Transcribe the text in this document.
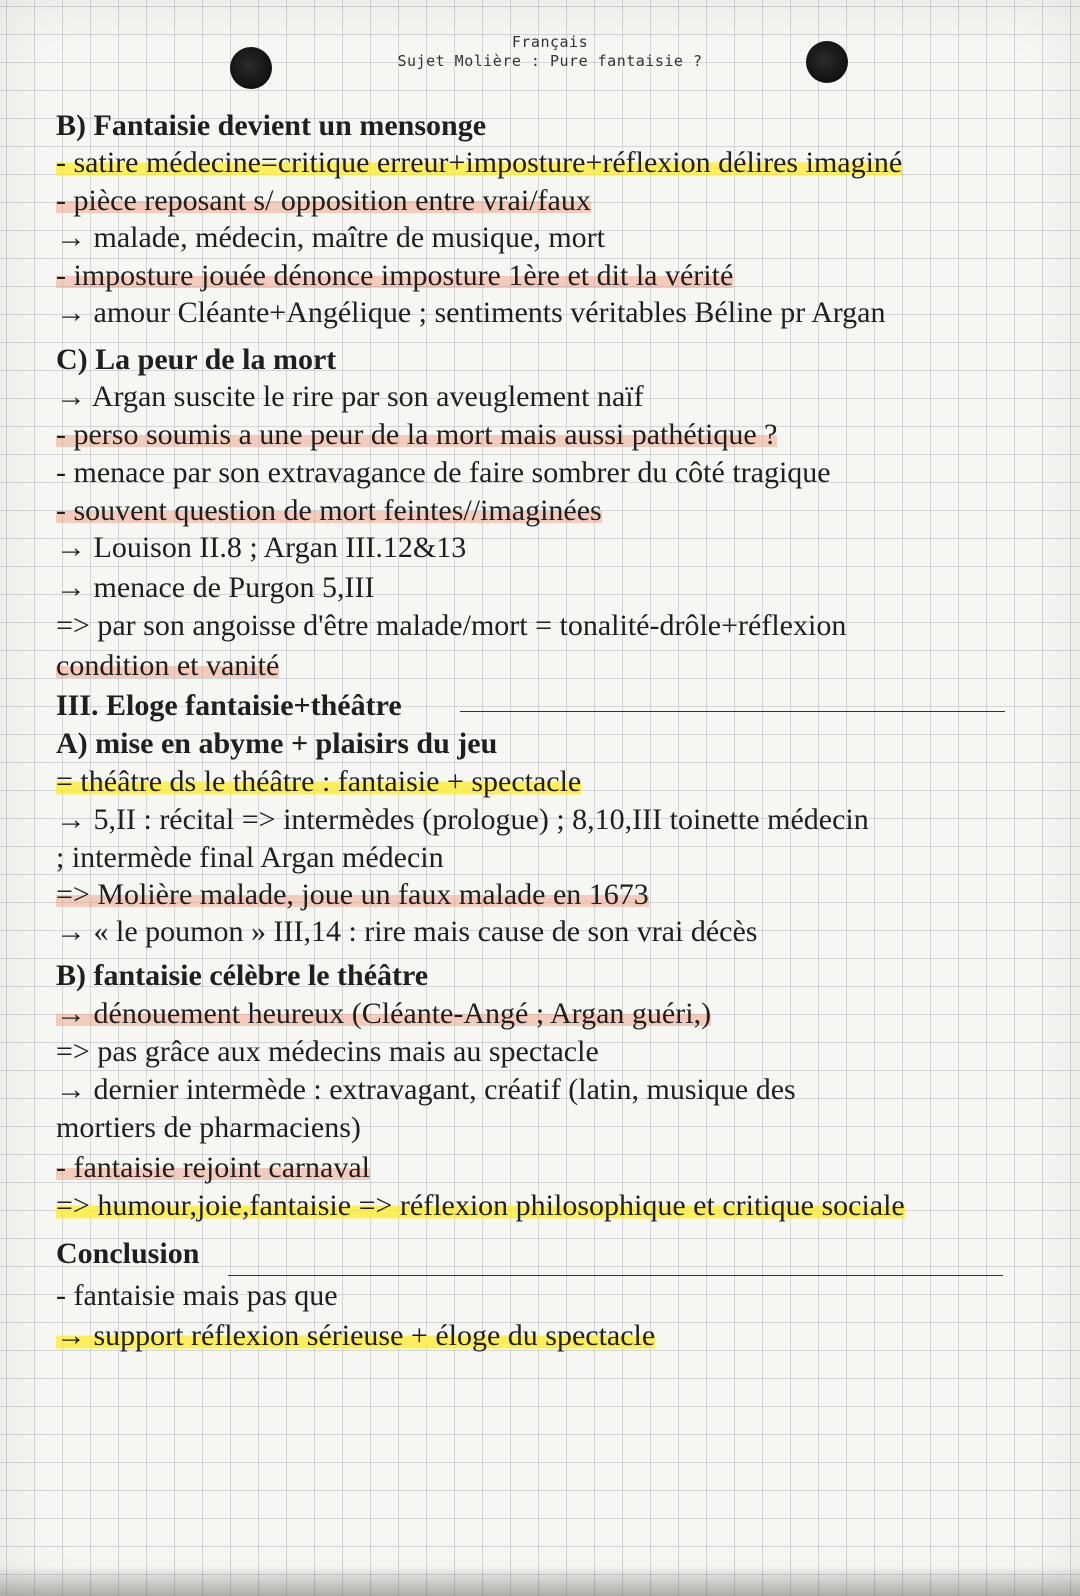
Français
Sujet Molière : Pure fantaisie ?
B) Fantaisie devient un mensonge
- satire médecine=critique erreur+imposture+réflexion délires imaginé
- pièce reposant s/ opposition entre vrai/faux
→ malade, médecin, maître de musique, mort
- imposture jouée dénonce imposture 1ère et dit la vérité
→ amour Cléante+Angélique ; sentiments véritables Béline pr Argan
C) La peur de la mort
→ Argan suscite le rire par son aveuglement naïf
- perso soumis a une peur de la mort mais aussi pathétique ?
- menace par son extravagance de faire sombrer du côté tragique
- souvent question de mort feintes//imaginées
→ Louison II.8 ; Argan III.12&13
→ menace de Purgon 5,III
=> par son angoisse d'être malade/mort = tonalité-drôle+réflexion
condition et vanité
III. Eloge fantaisie+théâtre
A) mise en abyme + plaisirs du jeu
= théâtre ds le théâtre : fantaisie + spectacle
→ 5,II : récital => intermèdes (prologue) ; 8,10,III toinette médecin
; intermède final Argan médecin
=> Molière malade, joue un faux malade en 1673
→ « le poumon » III,14 : rire mais cause de son vrai décès
B) fantaisie célèbre le théâtre
→ dénouement heureux (Cléante-Angé ; Argan guéri,)
=> pas grâce aux médecins mais au spectacle
→ dernier intermède : extravagant, créatif (latin, musique des
mortiers de pharmaciens)
- fantaisie rejoint carnaval
=> humour,joie,fantaisie => réflexion philosophique et critique sociale
Conclusion
- fantaisie mais pas que
→ support réflexion sérieuse + éloge du spectacle
